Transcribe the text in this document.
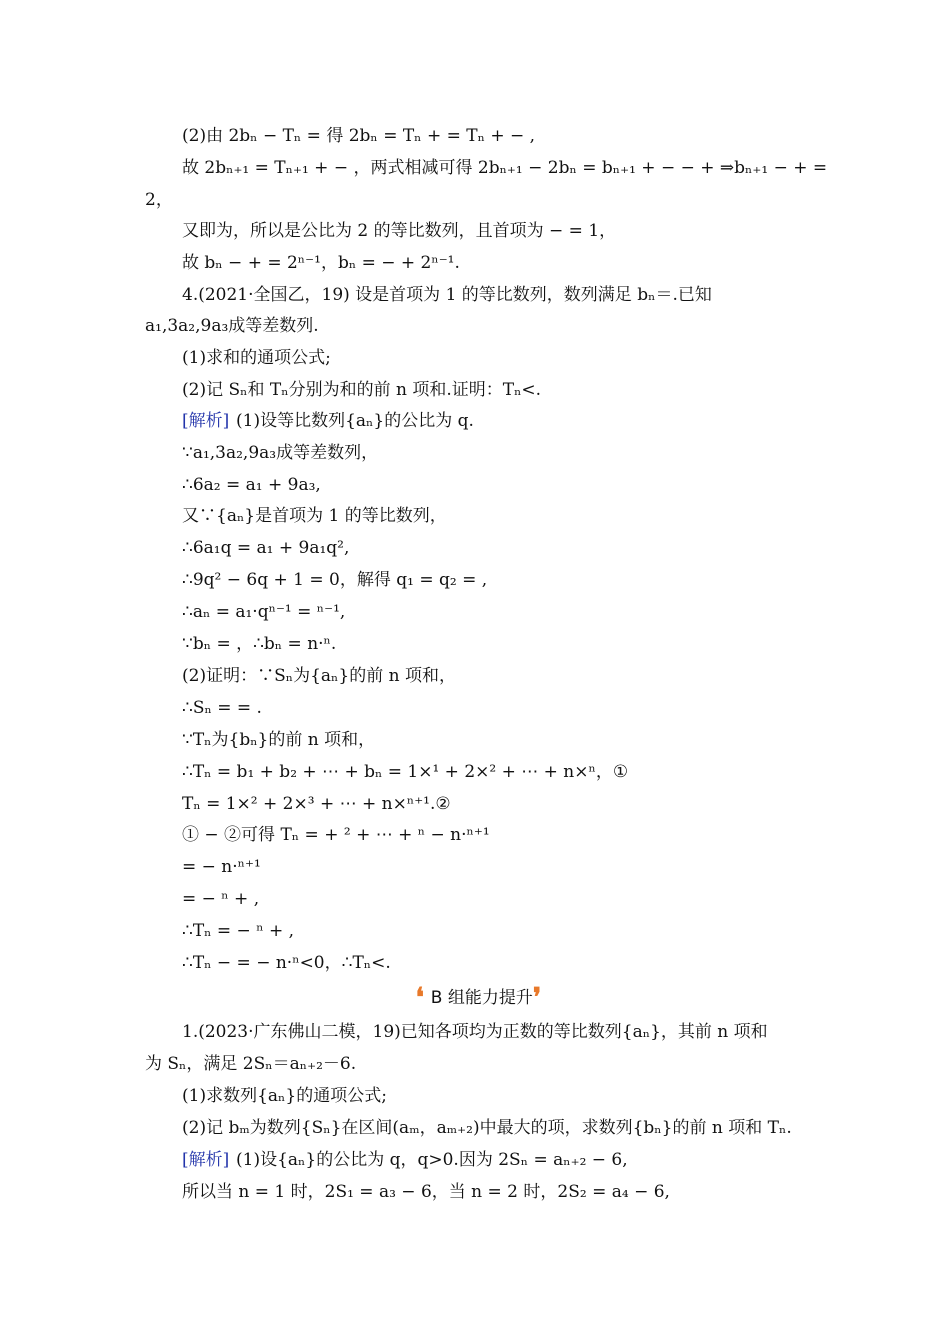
(2)由 2bₙ − Tₙ = 得 2bₙ = Tₙ + = Tₙ + − ,
故 2bₙ₊₁ = Tₙ₊₁ + − ，两式相减可得 2bₙ₊₁ − 2bₙ = bₙ₊₁ + − − + ⇒bₙ₊₁ − + =
2，
又即为，所以是公比为 2 的等比数列，且首项为 − = 1，
故 bₙ − + = 2ⁿ⁻¹，bₙ = − + 2ⁿ⁻¹.
4.(2021·全国乙，19) 设是首项为 1 的等比数列，数列满足 bₙ＝.已知
a₁,3a₂,9a₃成等差数列.
(1)求和的通项公式;
(2)记 Sₙ和 Tₙ分别为和的前 n 项和.证明：Tₙ<.
[解析] (1)设等比数列{aₙ}的公比为 q.
∵a₁,3a₂,9a₃成等差数列，
∴6a₂ = a₁ + 9a₃,
又∵{aₙ}是首项为 1 的等比数列，
∴6a₁q = a₁ + 9a₁q²,
∴9q² − 6q + 1 = 0，解得 q₁ = q₂ = ,
∴aₙ = a₁·qⁿ⁻¹ = ⁿ⁻¹,
∵bₙ = ，∴bₙ = n·ⁿ.
(2)证明：∵Sₙ为{aₙ}的前 n 项和，
∴Sₙ = = .
∵Tₙ为{bₙ}的前 n 项和，
∴Tₙ = b₁ + b₂ + ⋯ + bₙ = 1×¹ + 2×² + ⋯ + n×ⁿ，①
Tₙ = 1×² + 2×³ + ⋯ + n×ⁿ⁺¹.②
① − ②可得 Tₙ = + ² + ⋯ + ⁿ − n·ⁿ⁺¹
= − n·ⁿ⁺¹
= − ⁿ + ,
∴Tₙ = − ⁿ + ,
∴Tₙ − = − n·ⁿ<0，∴Tₙ<.
❛ B 组能力提升❜
1.(2023·广东佛山二模，19)已知各项均为正数的等比数列{aₙ}，其前 n 项和
为 Sₙ，满足 2Sₙ＝aₙ₊₂－6.
(1)求数列{aₙ}的通项公式;
(2)记 bₘ为数列{Sₙ}在区间(aₘ，aₘ₊₂)中最大的项，求数列{bₙ}的前 n 项和 Tₙ.
[解析] (1)设{aₙ}的公比为 q，q>0.因为 2Sₙ = aₙ₊₂ − 6,
所以当 n = 1 时，2S₁ = a₃ − 6，当 n = 2 时，2S₂ = a₄ − 6,
